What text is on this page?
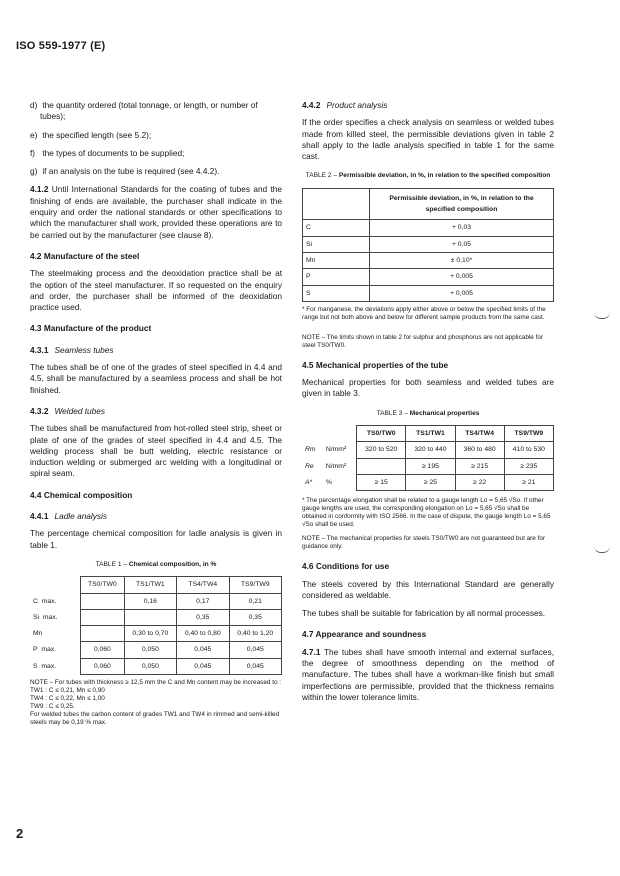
ISO 559-1977 (E)
d) the quantity ordered (total tonnage, or length, or number of tubes);
e) the specified length (see 5.2);
f) the types of documents to be supplied;
g) if an analysis on the tube is required (see 4.4.2).

4.1.2 Until International Standards for the coating of tubes and the finishing of ends are available, the purchaser shall indicate in the enquiry and order the national standards or other specifications to which the manufacturer shall work, provided these operations are to be carried out by the manufacturer (see clause 8).

4.2 Manufacture of the steel

The steelmaking process and the deoxidation practice shall be at the option of the steel manufacturer. If so requested on the enquiry and order, the purchaser shall be informed of the deoxidation practice used.

4.3 Manufacture of the product
4.3.1 Seamless tubes

The tubes shall be of one of the grades of steel specified in 4.4 and 4.5, shall be manufactured by a seamless process and shall be hot finished.

4.3.2 Welded tubes

The tubes shall be manufactured from hot-rolled steel strip, sheet or plate of one of the grades of steel specified in 4.4 and 4.5. The welding process shall be butt welding, electric resistance or induction welding or submerged arc welding with a longitudinal or spiral seam.

4.4 Chemical composition
4.4.1 Ladle analysis

The percentage chemical composition for ladle analysis is given in table 1.

TABLE 1 – Chemical composition, in %
	TS0/TW0	TS1/TW1	TS4/TW4	TS9/TW9
C max.		0,16	0,17	0,21
Si max.			0,35	0,35
Mn		0,30 to 0,70	0,40 to 0,80	0,40 to 1,20
P max.	0,060	0,050	0,045	0,045
S max.	0,060	0,050	0,045	0,045
NOTE – For tubes with thickness ≥ 12,5 mm the C and Mn content may be increased to :
TW1 : C ≤ 0,21, Mn ≤ 0,90
TW4 : C ≤ 0,22, Mn ≤ 1,00
TW9 : C ≤ 0,25.
For welded tubes the carbon content of grades TW1 and TW4 in rimmed and semi-killed steels may be 0,19 % max.
4.4.2 Product analysis

If the order specifies a check analysis on seamless or welded tubes made from killed steel, the permissible deviations given in table 2 shall apply to the ladle analysis specified in table 1 for the same cast.

TABLE 2 – Permissible deviation, in %, in relation to the specified composition
	Permissible deviation, in %, in relation to the specified composition
C	+ 0,03
Si	+ 0,05
Mn	± 0,10*
P	+ 0,005
S	+ 0,005
* For manganese, the deviations apply either above or below the specified limits of the range but not both above and below for different sample products from the same cast.
NOTE – The limits shown in table 2 for sulphur and phosphorus are not applicable for steel TS0/TW0.
4.5 Mechanical properties of the tube

Mechanical properties for both seamless and welded tubes are given in table 3.

TABLE 3 – Mechanical properties
		TS0/TW0	TS1/TW1	TS4/TW4	TS9/TW9
Rm	N/mm²	320 to 520	320 to 440	360 to 480	410 to 530
Re	N/mm²		≥ 195	≥ 215	≥ 235
A*	%	≥ 15	≥ 25	≥ 22	≥ 21
* The percentage elongation shall be related to a gauge length Lo = 5,65 √So. If other gauge lengths are used, the corresponding elongation on Lo = 5,65 √So shall be obtained in conformity with ISO 2566. In the case of dispute, the gauge length Lo = 5,65 √So shall be used.
NOTE – The mechanical properties for steels TS0/TW0 are not guaranteed but are for guidance only.
4.6 Conditions for use

The steels covered by this International Standard are generally considered as weldable.

The tubes shall be suitable for fabrication by all normal processes.

4.7 Appearance and soundness

4.7.1 The tubes shall have smooth internal and external surfaces, the degree of smoothness depending on the method of manufacture. The tubes shall have a workman-like finish but small imperfections are permissible, provided that the thickness remains within the lower tolerance limits.

2
